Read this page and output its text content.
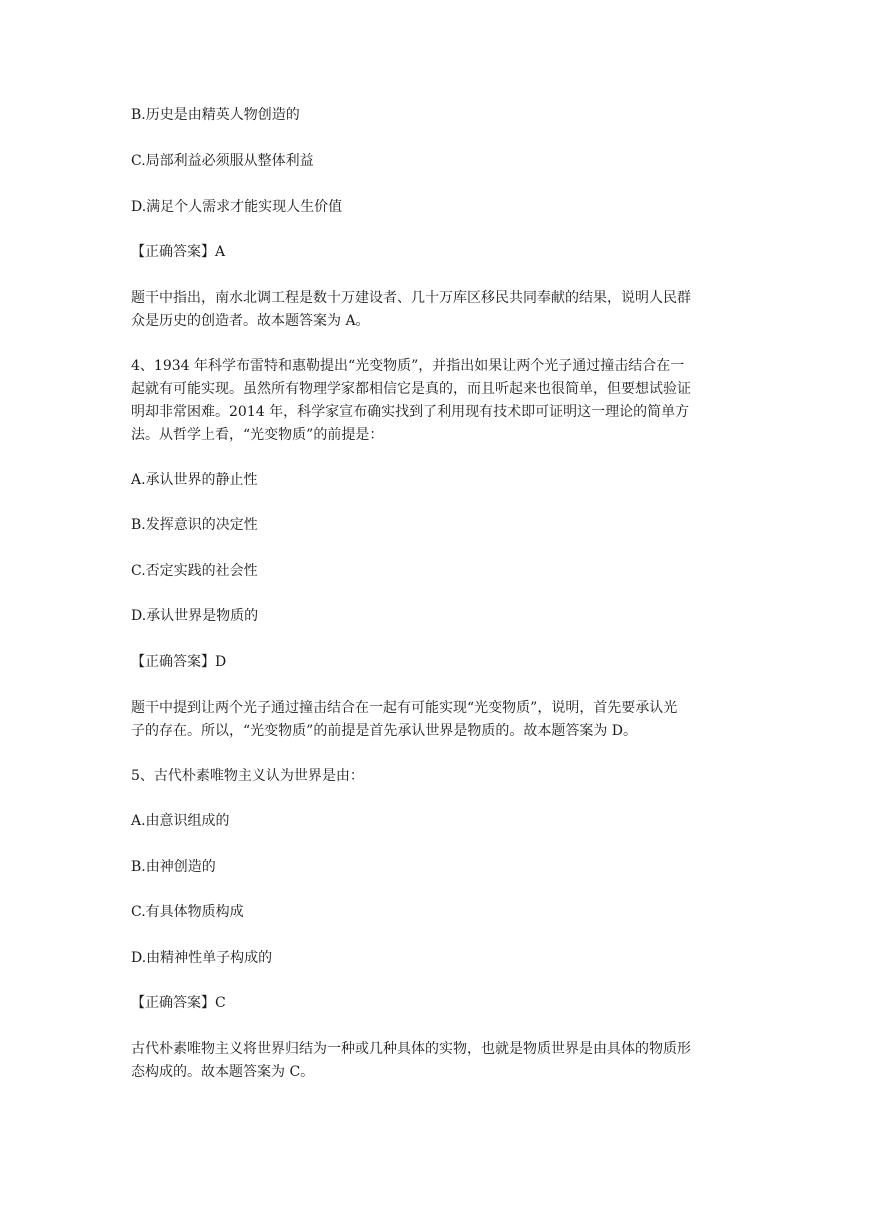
B.历史是由精英人物创造的
C.局部利益必须服从整体利益
D.满足个人需求才能实现人生价值
【正确答案】A
题干中指出，南水北调工程是数十万建设者、几十万库区移民共同奉献的结果，说明人民群
众是历史的创造者。故本题答案为 A。
4、1934 年科学布雷特和惠勒提出“光变物质”，并指出如果让两个光子通过撞击结合在一
起就有可能实现。虽然所有物理学家都相信它是真的，而且听起来也很简单，但要想试验证
明却非常困难。2014 年，科学家宣布确实找到了利用现有技术即可证明这一理论的简单方
法。从哲学上看，“光变物质”的前提是：
A.承认世界的静止性
B.发挥意识的决定性
C.否定实践的社会性
D.承认世界是物质的
【正确答案】D
题干中提到让两个光子通过撞击结合在一起有可能实现“光变物质”，说明，首先要承认光
子的存在。所以，“光变物质”的前提是首先承认世界是物质的。故本题答案为 D。
5、古代朴素唯物主义认为世界是由：
A.由意识组成的
B.由神创造的
C.有具体物质构成
D.由精神性单子构成的
【正确答案】C
古代朴素唯物主义将世界归结为一种或几种具体的实物，也就是物质世界是由具体的物质形
态构成的。故本题答案为 C。
